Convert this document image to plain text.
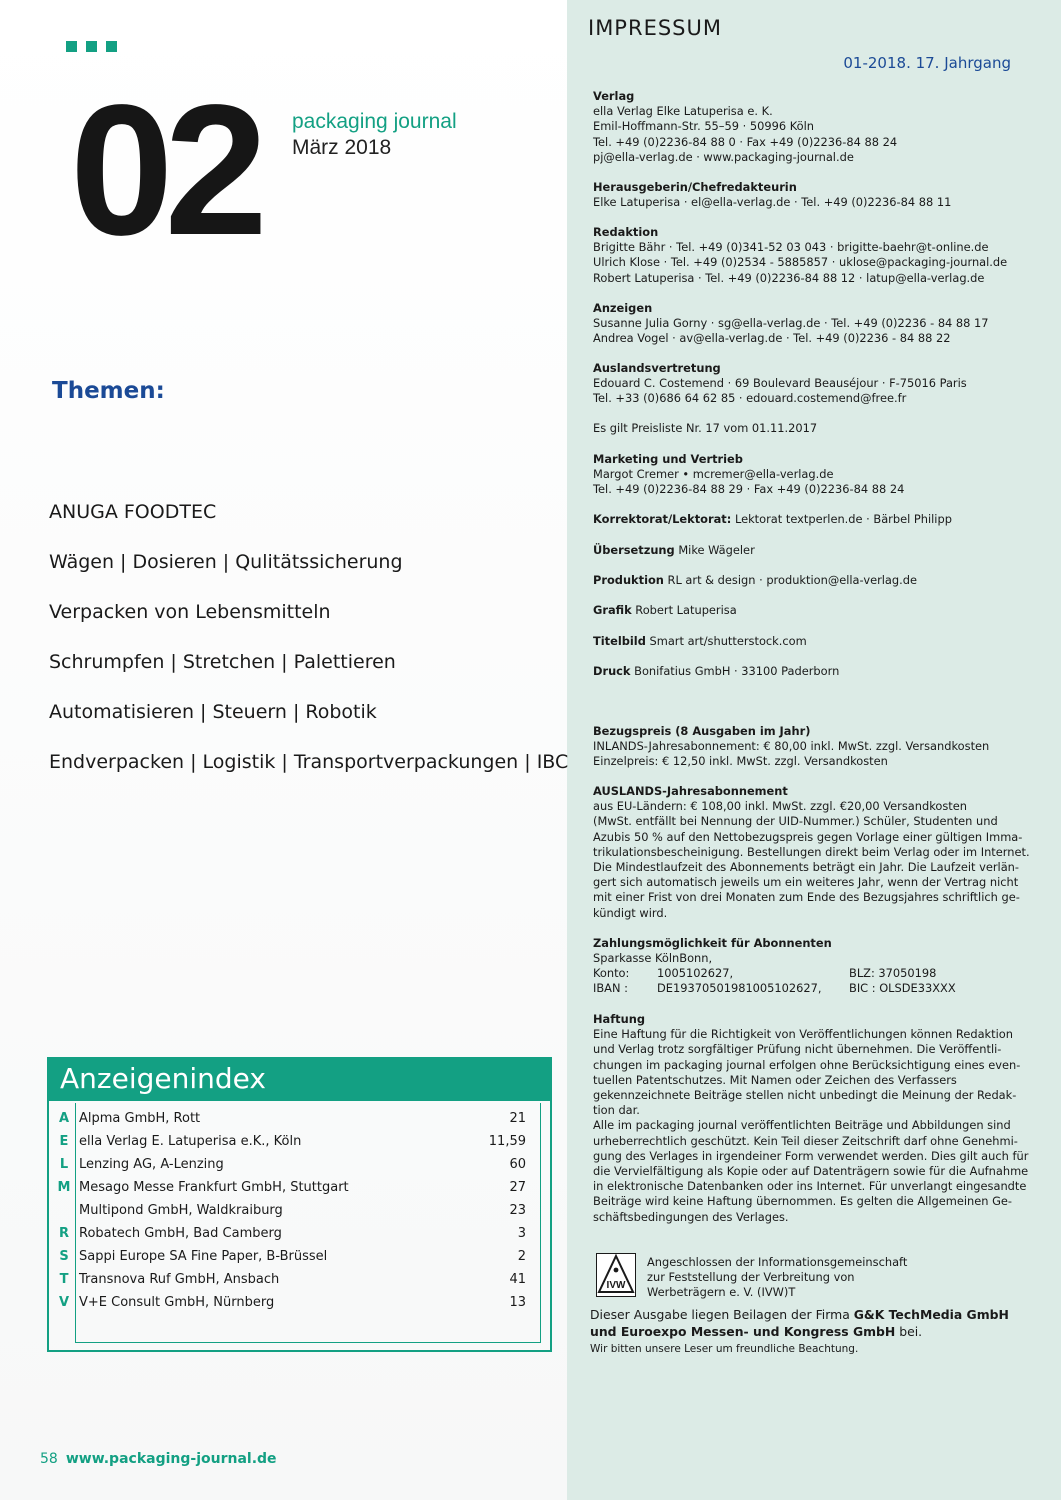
02 packaging journal
März 2018
Themen:
ANUGA FOODTEC
Wägen | Dosieren | Qulitätssicherung
Verpacken von Lebensmitteln
Schrumpfen | Stretchen | Palettieren
Automatisieren | Steuern | Robotik
Endverpacken | Logistik | Transportverpackungen | IBC
Anzeigenindex
A Alpma GmbH, Rott	21
E ella Verlag E. Latuperisa e.K., Köln	11,59
L Lenzing AG, A-Lenzing	60
M Mesago Messe Frankfurt GmbH, Stuttgart	27
Multipond GmbH, Waldkraiburg	23
R Robatech GmbH, Bad Camberg	3
S Sappi Europe SA Fine Paper, B-Brüssel	2
T Transnova Ruf GmbH, Ansbach	41
V V+E Consult GmbH, Nürnberg	13
58 www.packaging-journal.de
IMPRESSUM
01-2018. 17. Jahrgang
Verlag
ella Verlag Elke Latuperisa e. K.
Emil-Hoffmann-Str. 55–59 · 50996 Köln
Tel. +49 (0)2236-84 88 0 · Fax +49 (0)2236-84 88 24
pj@ella-verlag.de · www.packaging-journal.de
Herausgeberin/Chefredakteurin
Elke Latuperisa · el@ella-verlag.de · Tel. +49 (0)2236-84 88 11
Redaktion
Brigitte Bähr · Tel. +49 (0)341-52 03 043 · brigitte-baehr@t-online.de
Ulrich Klose · Tel. +49 (0)2534 - 5885857 · uklose@packaging-journal.de
Robert Latuperisa · Tel. +49 (0)2236-84 88 12 · latup@ella-verlag.de
Anzeigen
Susanne Julia Gorny · sg@ella-verlag.de · Tel. +49 (0)2236 - 84 88 17
Andrea Vogel · av@ella-verlag.de · Tel. +49 (0)2236 - 84 88 22
Auslandsvertretung
Edouard C. Costemend · 69 Boulevard Beauséjour · F-75016 Paris
Tel. +33 (0)686 64 62 85 · edouard.costemend@free.fr
Es gilt Preisliste Nr. 17 vom 01.11.2017
Marketing und Vertrieb
Margot Cremer • mcremer@ella-verlag.de
Tel. +49 (0)2236-84 88 29 · Fax +49 (0)2236-84 88 24
Korrektorat/Lektorat: Lektorat textperlen.de · Bärbel Philipp
Übersetzung Mike Wägeler
Produktion RL art & design · produktion@ella-verlag.de
Grafik Robert Latuperisa
Titelbild Smart art/shutterstock.com
Druck Bonifatius GmbH · 33100 Paderborn
Bezugspreis (8 Ausgaben im Jahr)
INLANDS-Jahresabonnement: € 80,00 inkl. MwSt. zzgl. Versandkosten
Einzelpreis: € 12,50 inkl. MwSt. zzgl. Versandkosten
AUSLANDS-Jahresabonnement
aus EU-Ländern: € 108,00 inkl. MwSt. zzgl. €20,00 Versandkosten
(MwSt. entfällt bei Nennung der UID-Nummer.) Schüler, Studenten und
Azubis 50 % auf den Nettobezugspreis gegen Vorlage einer gültigen Imma-
trikulationsbescheinigung. Bestellungen direkt beim Verlag oder im Internet.
Die Mindestlaufzeit des Abonnements beträgt ein Jahr. Die Laufzeit verlän-
gert sich automatisch jeweils um ein weiteres Jahr, wenn der Vertrag nicht
mit einer Frist von drei Monaten zum Ende des Bezugsjahres schriftlich ge-
kündigt wird.
Zahlungsmöglichkeit für Abonnenten
Sparkasse KölnBonn,
Konto: 1005102627,	BLZ: 37050198
IBAN :	DE19370501981005102627, BIC : OLSDE33XXX
Haftung
Eine Haftung für die Richtigkeit von Veröffentlichungen können Redaktion
und Verlag trotz sorgfältiger Prüfung nicht übernehmen. Die Veröffentli-
chungen im packaging journal erfolgen ohne Berücksichtigung eines even-
tuellen Patentschutzes. Mit Namen oder Zeichen des Verfassers
gekennzeichnete Beiträge stellen nicht unbedingt die Meinung der Redak-
tion dar.
Alle im packaging journal veröffentlichten Beiträge und Abbildungen sind
urheberrechtlich geschützt. Kein Teil dieser Zeitschrift darf ohne Genehmi-
gung des Verlages in irgendeiner Form verwendet werden. Dies gilt auch für
die Vervielfältigung als Kopie oder auf Datenträgern sowie für die Aufnahme
in elektronische Datenbanken oder ins Internet. Für unverlangt eingesandte
Beiträge wird keine Haftung übernommen. Es gelten die Allgemeinen Ge-
schäftsbedingungen des Verlages.
IVW
Angeschlossen der Informationsgemeinschaft
zur Feststellung der Verbreitung von
Werbeträgern e. V. (IVW)T
Dieser Ausgabe liegen Beilagen der Firma G&K TechMedia GmbH
und Euroexpo Messen- und Kongress GmbH bei.
Wir bitten unsere Leser um freundliche Beachtung.
